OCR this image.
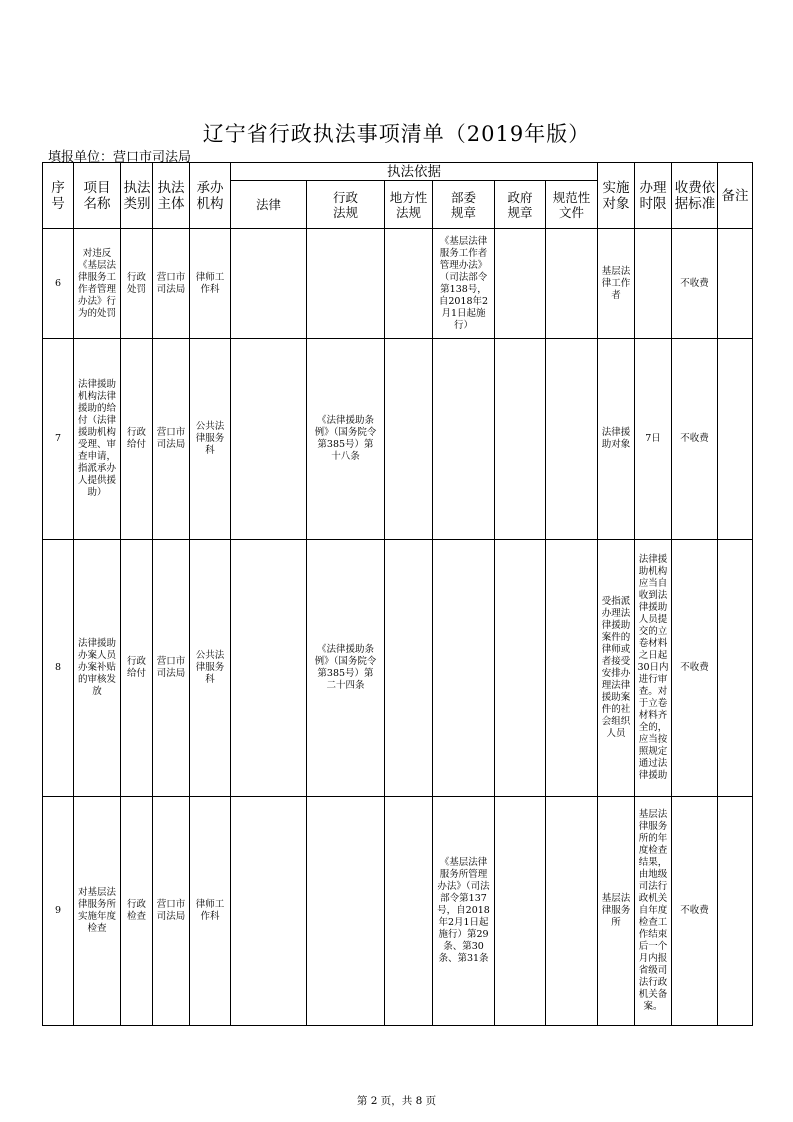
辽宁省行政执法事项清单（2019年版）
填报单位：营口市司法局
序号	项目名称	执法类别	执法主体	承办机构	执法依据						实施对象	办理时限	收费依据标准	备注
					法律	行政法规	地方性法规	部委规章	政府规章	规范性文件				

6	对违反《基层法律服务工作者管理办法》行为的处罚	行政处罚	营口市司法局	律师工作科				《基层法律服务工作者管理办法》（司法部令第138号，自2018年2月1日起施行）			基层法律工作者		不收费	
7	法律援助机构法律援助的给付（法律援助机构受理、审查申请，指派承办人提供援助）	行政给付	营口市司法局	公共法律服务科		《法律援助条例》（国务院令第385号）第十八条					法律援助对象	7日	不收费	
8	法律援助办案人员办案补贴的审核发放	行政给付	营口市司法局	公共法律服务科		《法律援助条例》（国务院令第385号）第二十四条					受指派办理法律援助案件的律师或者接受安排办理法律援助案件的社会组织人员	法律援助机构应当自收到法律援助人员提交的立卷材料之日起30日内进行审查。对于立卷材料齐全的，应当按照规定通过法律援助	不收费	
9	对基层法律服务所实施年度检查	行政检查	营口市司法局	律师工作科				《基层法律服务所管理办法》（司法部令第137号，自2018年2月1日起施行）第29条、第30条、第31条			基层法律服务所	基层法律服务所的年度检查结果，由地级司法行政机关自年度检查工作结束后一个月内报省级司法行政机关备案。	不收费	
第 2 页，共 8 页
